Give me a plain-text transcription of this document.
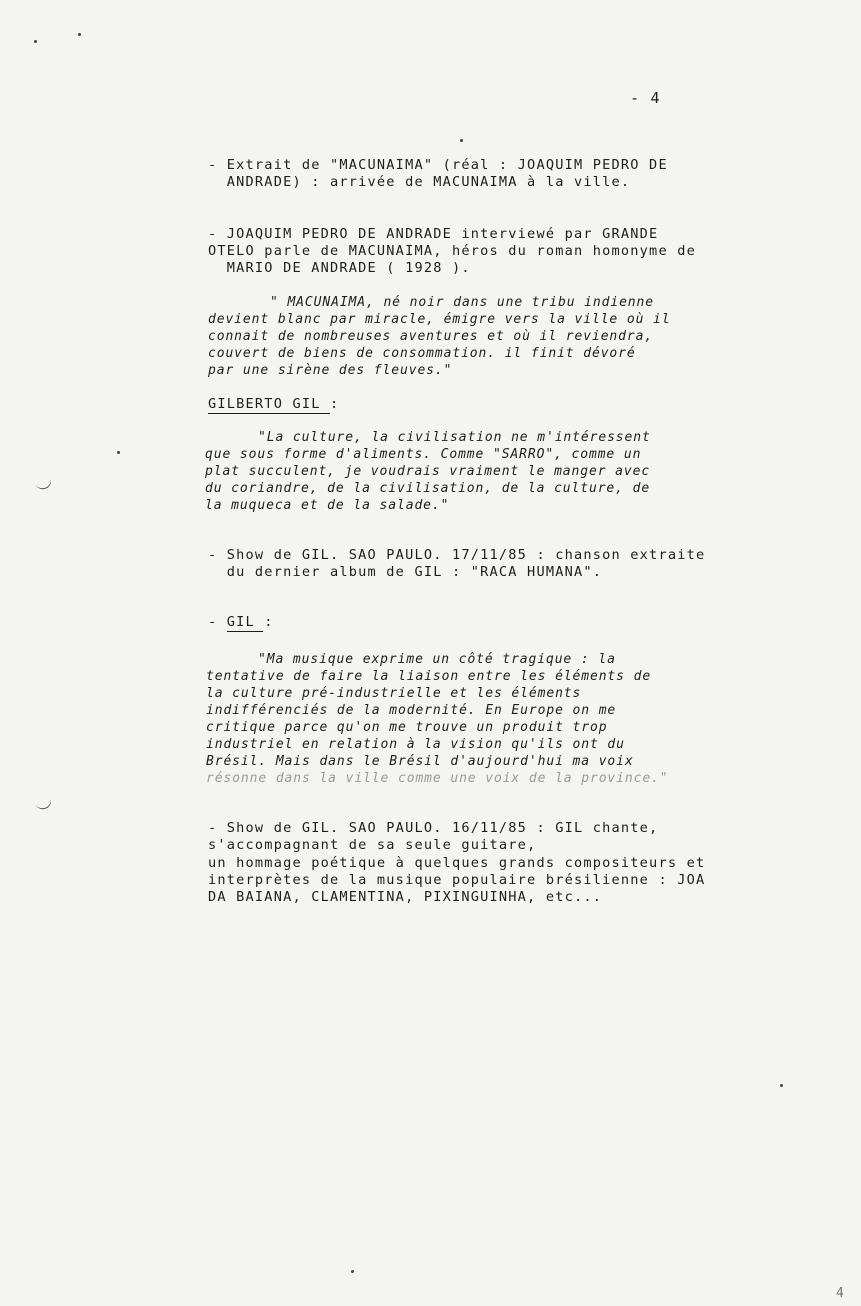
- 4
- Extrait de "MACUNAIMA" (réal : JOAQUIM PEDRO DE
ANDRADE) : arrivée de MACUNAIMA à la ville.
- JOAQUIM PEDRO DE ANDRADE interviewé par GRANDE
OTELO parle de MACUNAIMA, héros du roman homonyme de
MARIO DE ANDRADE ( 1928 ).
" MACUNAIMA, né noir dans une tribu indienne
devient blanc par miracle, émigre vers la ville où il
connait de nombreuses aventures et où il reviendra,
couvert de biens de consommation. il finit dévoré
par une sirène des fleuves."
GILBERTO GIL :
"La culture, la civilisation ne m'intéressent
que sous forme d'aliments. Comme "SARRO", comme un
plat succulent, je voudrais vraiment le manger avec
du coriandre, de la civilisation, de la culture, de
la muqueca et de la salade."
- Show de GIL. SAO PAULO. 17/11/85 : chanson extraite
du dernier album de GIL : "RACA HUMANA".
- GIL :
"Ma musique exprime un côté tragique : la
tentative de faire la liaison entre les éléments de
la culture pré-industrielle et les éléments
indifférenciés de la modernité. En Europe on me
critique parce qu'on me trouve un produit trop
industriel en relation à la vision qu'ils ont du
Brésil. Mais dans le Brésil d'aujourd'hui ma voix
résonne dans la ville comme une voix de la province."
- Show de GIL. SAO PAULO. 16/11/85 : GIL chante,
s'accompagnant de sa seule guitare,
un hommage poétique à quelques grands compositeurs et
interprètes de la musique populaire brésilienne : JOA
DA BAIANA, CLAMENTINA, PIXINGUINHA, etc...
4
